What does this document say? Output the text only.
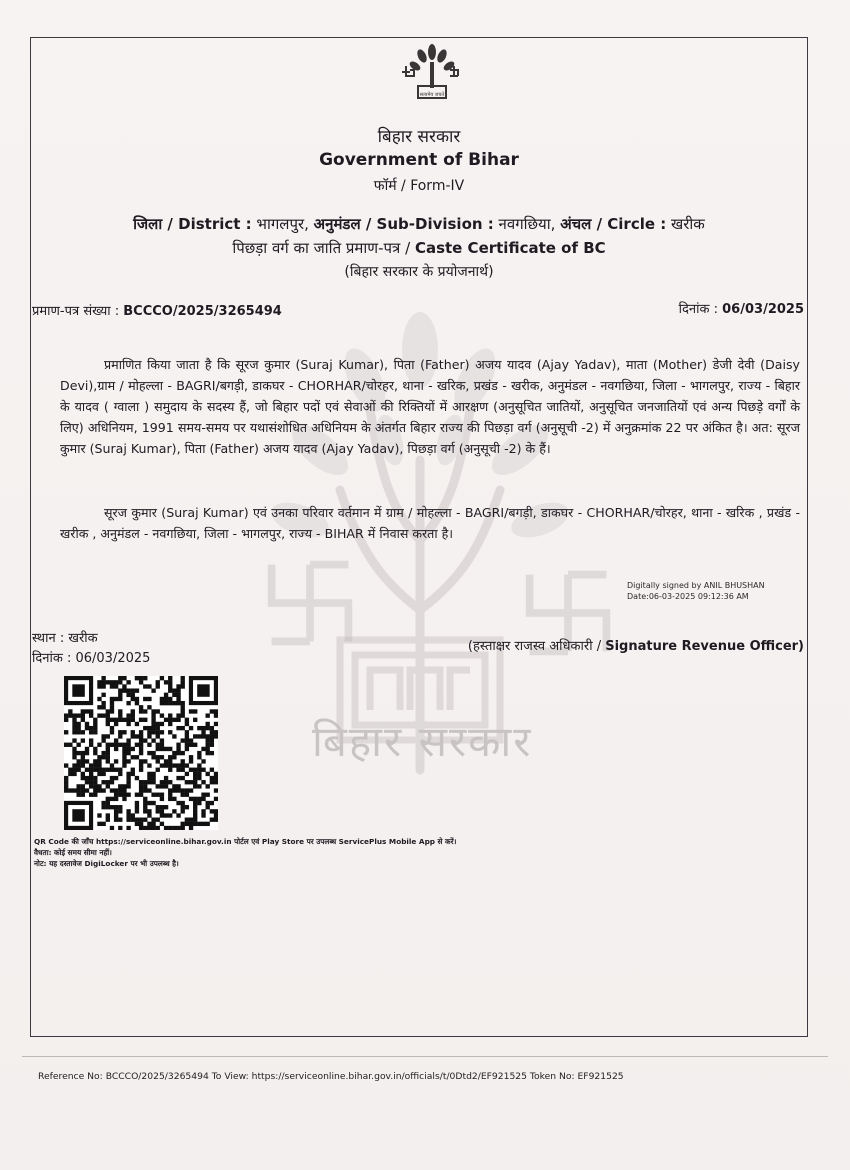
बिहार सरकार
सत्यमेव जयते
बिहार सरकार
Government of Bihar
फॉर्म / Form-IV
जिला / District : भागलपुर, अनुमंडल / Sub-Division : नवगछिया, अंचल / Circle : खरीक
पिछड़ा वर्ग का जाति प्रमाण-पत्र / Caste Certificate of BC
(बिहार सरकार के प्रयोजनार्थ)
प्रमाण-पत्र संख्या : BCCCO/2025/3265494	दिनांक : 06/03/2025
प्रमाणित किया जाता है कि सूरज कुमार (Suraj Kumar), पिता (Father) अजय यादव (Ajay Yadav), माता (Mother) डेजी देवी (Daisy Devi),ग्राम / मोहल्ला - BAGRI/बगड़ी, डाकघर - CHORHAR/चोरहर, थाना - खरिक, प्रखंड - खरीक, अनुमंडल - नवगछिया, जिला - भागलपुर, राज्य - बिहार के यादव ( ग्वाला ) समुदाय के सदस्य हैं, जो बिहार पदों एवं सेवाओं की रिक्तियों में आरक्षण (अनुसूचित जातियों, अनुसूचित जनजातियों एवं अन्य पिछड़े वर्गों के लिए) अधिनियम, 1991 समय-समय पर यथासंशोधित अधिनियम के अंतर्गत बिहार राज्य की पिछड़ा वर्ग (अनुसूची -2) में अनुक्रमांक 22 पर अंकित है। अत: सूरज कुमार (Suraj Kumar), पिता (Father) अजय यादव (Ajay Yadav), पिछड़ा वर्ग (अनुसूची -2) के हैं।
सूरज कुमार (Suraj Kumar) एवं उनका परिवार वर्तमान में ग्राम / मोहल्ला - BAGRI/बगड़ी, डाकघर - CHORHAR/चोरहर, थाना - खरिक , प्रखंड - खरीक , अनुमंडल - नवगछिया, जिला - भागलपुर, राज्य - BIHAR में निवास करता है।
Digitally signed by ANIL BHUSHAN
Date:06-03-2025 09:12:36 AM
स्थान : खरीक
दिनांक : 06/03/2025
(हस्ताक्षर राजस्व अधिकारी / Signature Revenue Officer)
QR Code की जाँच https://serviceonline.bihar.gov.in पोर्टल एवं Play Store पर उपलब्ध ServicePlus Mobile App से करें।
वैधता: कोई समय सीमा नहीं।
नोट: यह दस्तावेज DigiLocker पर भी उपलब्ध है।
Reference No: BCCCO/2025/3265494 To View: https://serviceonline.bihar.gov.in/officials/t/0Dtd2/EF921525 Token No: EF921525
